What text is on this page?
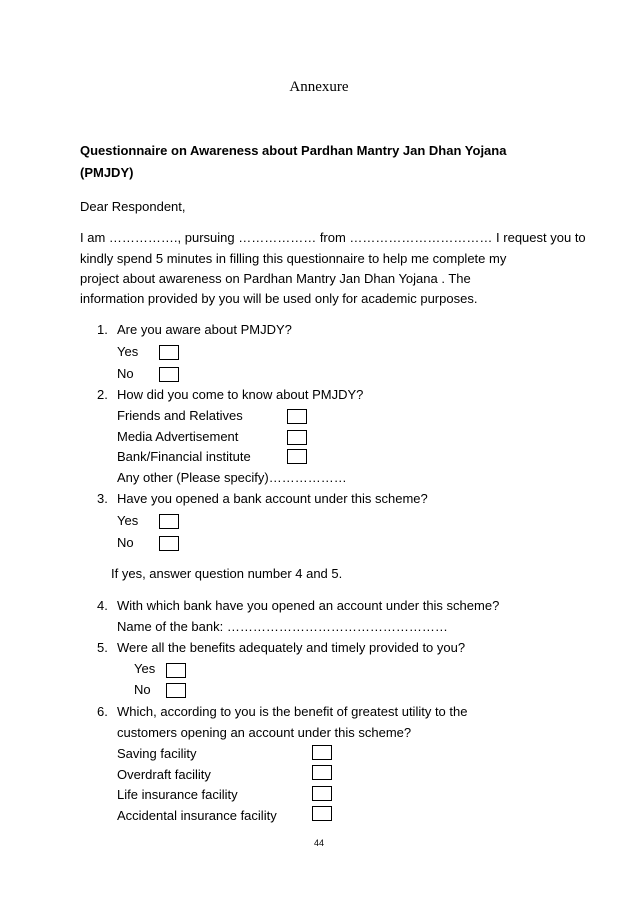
Annexure
Questionnaire on Awareness about Pardhan Mantry Jan Dhan Yojana
(PMJDY)
Dear Respondent,
I am ……………., pursuing ……………… from …………………………… I request you to
kindly spend 5 minutes in filling this questionnaire to help me complete my
project about awareness on Pardhan Mantry Jan Dhan Yojana . The
information provided by you will be used only for academic purposes.
1. Are you aware about PMJDY?
Yes
No
2. How did you come to know about PMJDY?
Friends and Relatives
Media Advertisement
Bank/Financial institute
Any other (Please specify)………………
3. Have you opened a bank account under this scheme?
Yes
No
If yes, answer question number 4 and 5.
4. With which bank have you opened an account under this scheme?
Name of the bank: ……………………………………………
5. Were all the benefits adequately and timely provided to you?
Yes
No
6. Which, according to you is the benefit of greatest utility to the
customers opening an account under this scheme?
Saving facility
Overdraft facility
Life insurance facility
Accidental insurance facility
44
